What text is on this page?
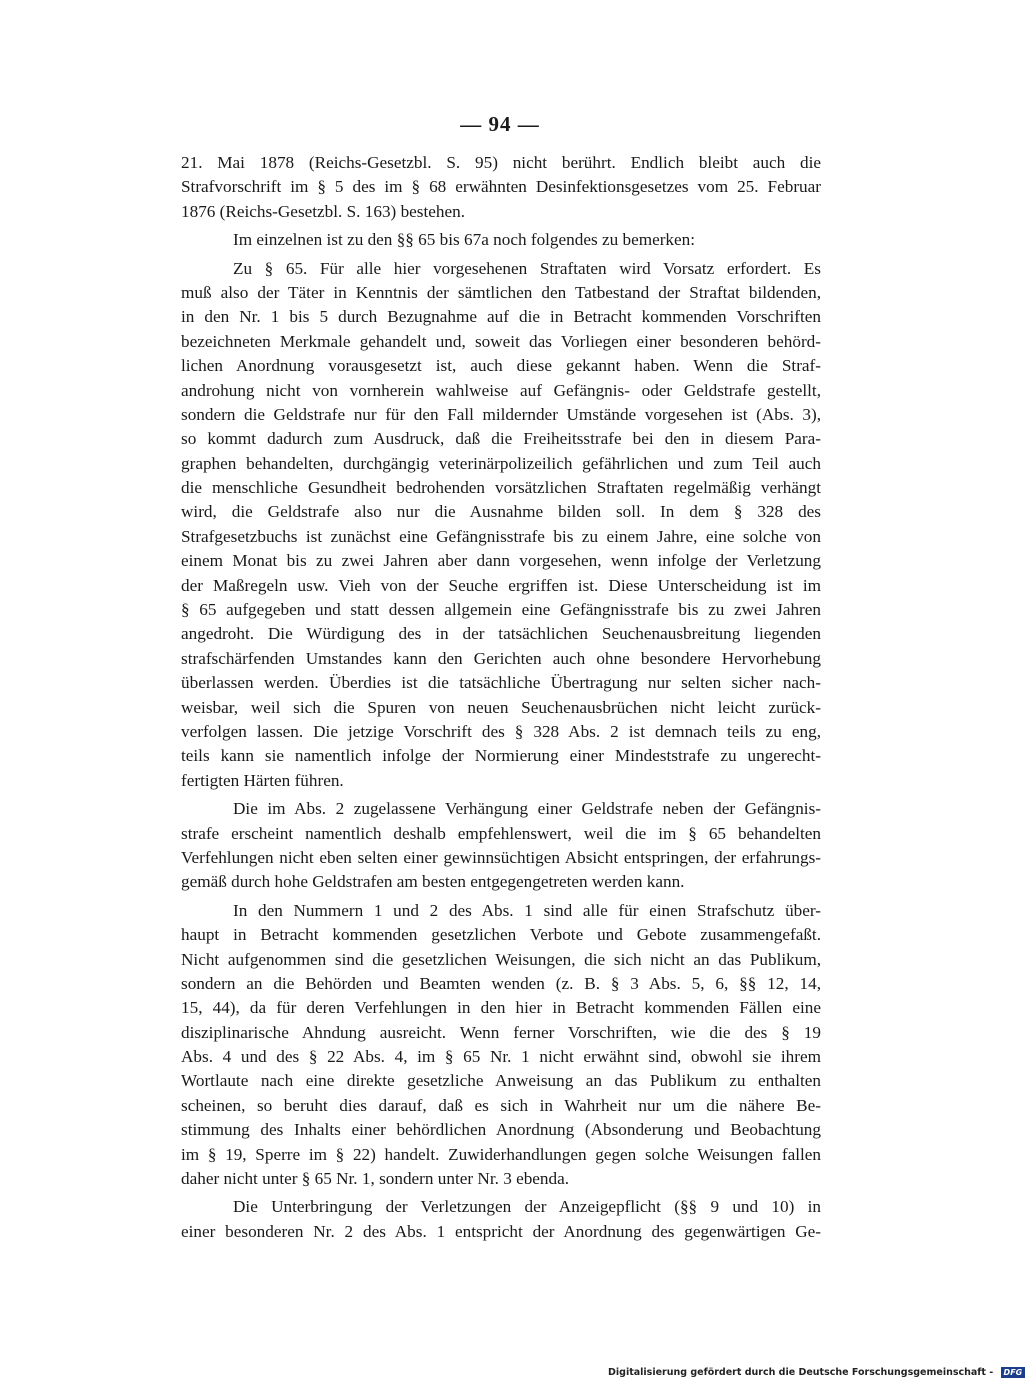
— 94 —
21. Mai 1878 (Reichs-Gesetzbl. S. 95) nicht berührt. Endlich bleibt auch die
Strafvorschrift im § 5 des im § 68 erwähnten Desinfektionsgesetzes vom 25. Februar
1876 (Reichs-Gesetzbl. S. 163) bestehen.
Im einzelnen ist zu den §§ 65 bis 67a noch folgendes zu bemerken:
Zu § 65. Für alle hier vorgesehenen Straftaten wird Vorsatz erfordert. Es
muß also der Täter in Kenntnis der sämtlichen den Tatbestand der Straftat bildenden,
in den Nr. 1 bis 5 durch Bezugnahme auf die in Betracht kommenden Vorschriften
bezeichneten Merkmale gehandelt und, soweit das Vorliegen einer besonderen behörd-
lichen Anordnung vorausgesetzt ist, auch diese gekannt haben. Wenn die Straf-
androhung nicht von vornherein wahlweise auf Gefängnis- oder Geldstrafe gestellt,
sondern die Geldstrafe nur für den Fall mildernder Umstände vorgesehen ist (Abs. 3),
so kommt dadurch zum Ausdruck, daß die Freiheitsstrafe bei den in diesem Para-
graphen behandelten, durchgängig veterinärpolizeilich gefährlichen und zum Teil auch
die menschliche Gesundheit bedrohenden vorsätzlichen Straftaten regelmäßig verhängt
wird, die Geldstrafe also nur die Ausnahme bilden soll. In dem § 328 des
Strafgesetzbuchs ist zunächst eine Gefängnisstrafe bis zu einem Jahre, eine solche von
einem Monat bis zu zwei Jahren aber dann vorgesehen, wenn infolge der Verletzung
der Maßregeln usw. Vieh von der Seuche ergriffen ist. Diese Unterscheidung ist im
§ 65 aufgegeben und statt dessen allgemein eine Gefängnisstrafe bis zu zwei Jahren
angedroht. Die Würdigung des in der tatsächlichen Seuchenausbreitung liegenden
strafschärfenden Umstandes kann den Gerichten auch ohne besondere Hervorhebung
überlassen werden. Überdies ist die tatsächliche Übertragung nur selten sicher nach-
weisbar, weil sich die Spuren von neuen Seuchenausbrüchen nicht leicht zurück-
verfolgen lassen. Die jetzige Vorschrift des § 328 Abs. 2 ist demnach teils zu eng,
teils kann sie namentlich infolge der Normierung einer Mindeststrafe zu ungerecht-
fertigten Härten führen.
Die im Abs. 2 zugelassene Verhängung einer Geldstrafe neben der Gefängnis-
strafe erscheint namentlich deshalb empfehlenswert, weil die im § 65 behandelten
Verfehlungen nicht eben selten einer gewinnsüchtigen Absicht entspringen, der erfahrungs-
gemäß durch hohe Geldstrafen am besten entgegengetreten werden kann.
In den Nummern 1 und 2 des Abs. 1 sind alle für einen Strafschutz über-
haupt in Betracht kommenden gesetzlichen Verbote und Gebote zusammengefaßt.
Nicht aufgenommen sind die gesetzlichen Weisungen, die sich nicht an das Publikum,
sondern an die Behörden und Beamten wenden (z. B. § 3 Abs. 5, 6, §§ 12, 14,
15, 44), da für deren Verfehlungen in den hier in Betracht kommenden Fällen eine
disziplinarische Ahndung ausreicht. Wenn ferner Vorschriften, wie die des § 19
Abs. 4 und des § 22 Abs. 4, im § 65 Nr. 1 nicht erwähnt sind, obwohl sie ihrem
Wortlaute nach eine direkte gesetzliche Anweisung an das Publikum zu enthalten
scheinen, so beruht dies darauf, daß es sich in Wahrheit nur um die nähere Be-
stimmung des Inhalts einer behördlichen Anordnung (Absonderung und Beobachtung
im § 19, Sperre im § 22) handelt. Zuwiderhandlungen gegen solche Weisungen fallen
daher nicht unter § 65 Nr. 1, sondern unter Nr. 3 ebenda.
Die Unterbringung der Verletzungen der Anzeigepflicht (§§ 9 und 10) in
einer besonderen Nr. 2 des Abs. 1 entspricht der Anordnung des gegenwärtigen Ge-
Digitalisierung gefördert durch die Deutsche Forschungsgemeinschaft - DFG
